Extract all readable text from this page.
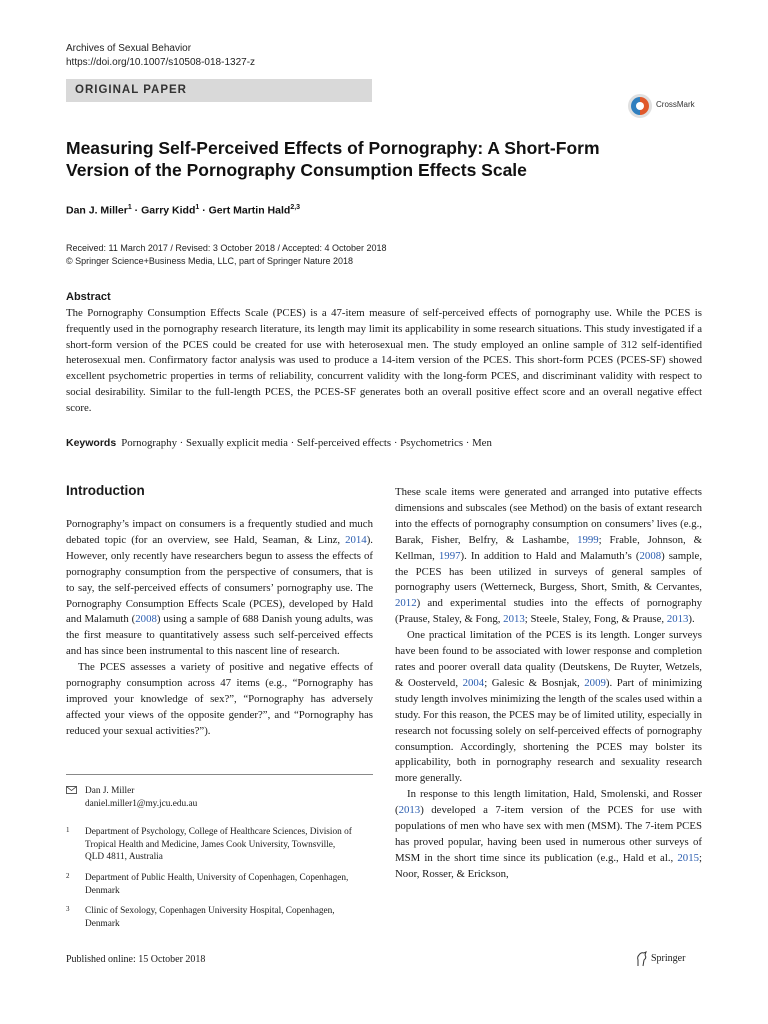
Archives of Sexual Behavior
https://doi.org/10.1007/s10508-018-1327-z
ORIGINAL PAPER
CrossMark
Measuring Self-Perceived Effects of Pornography: A Short-Form Version of the Pornography Consumption Effects Scale
Dan J. Miller$^1$ · Garry Kidd$^1$ · Gert Martin Hald$^{2,3}$
Received: 11 March 2017 / Revised: 3 October 2018 / Accepted: 4 October 2018
© Springer Science+Business Media, LLC, part of Springer Nature 2018
Abstract
The Pornography Consumption Effects Scale (PCES) is a 47-item measure of self-perceived effects of pornography use. While the PCES is frequently used in the pornography research literature, its length may limit its applicability in some research situations. This study investigated if a short-form version of the PCES could be created for use with heterosexual men. The study employed an online sample of 312 self-identified heterosexual men. Confirmatory factor analysis was used to produce a 14-item version of the PCES. This short-form PCES (PCES-SF) showed excellent psychometric properties in terms of reliability, concurrent validity with the long-form PCES, and discriminant validity with respect to social desirability. Similar to the full-length PCES, the PCES-SF generates both an overall positive effect score and an overall negative effect score.
Keywords Pornography · Sexually explicit media · Self-perceived effects · Psychometrics · Men
Introduction

Pornography’s impact on consumers is a frequently studied and much debated topic (for an overview, see Hald, Seaman, & Linz, 2014). However, only recently have researchers begun to assess the effects of pornography consumption from the perspective of consumers, that is to say, the self-perceived effects of consumers’ pornography use. The Pornography Consumption Effects Scale (PCES), developed by Hald and Malamuth (2008) using a sample of 688 Danish young adults, was the first measure to quantitatively assess such self-perceived effects and has since been instrumental to this nascent line of research.

The PCES assesses a variety of positive and negative effects of pornography consumption across 47 items (e.g., “Pornography has improved your knowledge of sex?”, “Pornography has adversely affected your views of the opposite gender?”, and “Pornography has reduced your sexual activities?”).

These scale items were generated and arranged into putative effects dimensions and subscales (see Method) on the basis of extant research into the effects of pornography consumption on consumers’ lives (e.g., Barak, Fisher, Belfry, & Lashambe, 1999; Frable, Johnson, & Kellman, 1997). In addition to Hald and Malamuth’s (2008) sample, the PCES has been utilized in surveys of general samples of pornography users (Wetterneck, Burgess, Short, Smith, & Cervantes, 2012) and experimental studies into the effects of pornography (Prause, Staley, & Fong, 2013; Steele, Staley, Fong, & Prause, 2013).

One practical limitation of the PCES is its length. Longer surveys have been found to be associated with lower response and completion rates and poorer overall data quality (Deutskens, De Ruyter, Wetzels, & Oosterveld, 2004; Galesic & Bosnjak, 2009). Part of minimizing study length involves minimizing the length of the scales used within a study. For this reason, the PCES may be of limited utility, especially in research not focussing solely on self-perceived effects of pornography consumption. Accordingly, shortening the PCES may bolster its applicability, both in pornography research and sexuality research more generally.

In response to this length limitation, Hald, Smolenski, and Rosser (2013) developed a 7-item version of the PCES for use with populations of men who have sex with men (MSM). The 7-item PCES has proved popular, having been used in numerous other surveys of MSM in the short time since its publication (e.g., Hald et al., 2015; Noor, Rosser, & Erickson,

Dan J. Miller
daniel.miller1@my.jcu.edu.au
1 Department of Psychology, College of Healthcare Sciences, Division of Tropical Health and Medicine, James Cook University, Townsville, QLD 4811, Australia
2 Department of Public Health, University of Copenhagen, Copenhagen, Denmark
3 Clinic of Sexology, Copenhagen University Hospital, Copenhagen, Denmark
Published online: 15 October 2018	Springer
